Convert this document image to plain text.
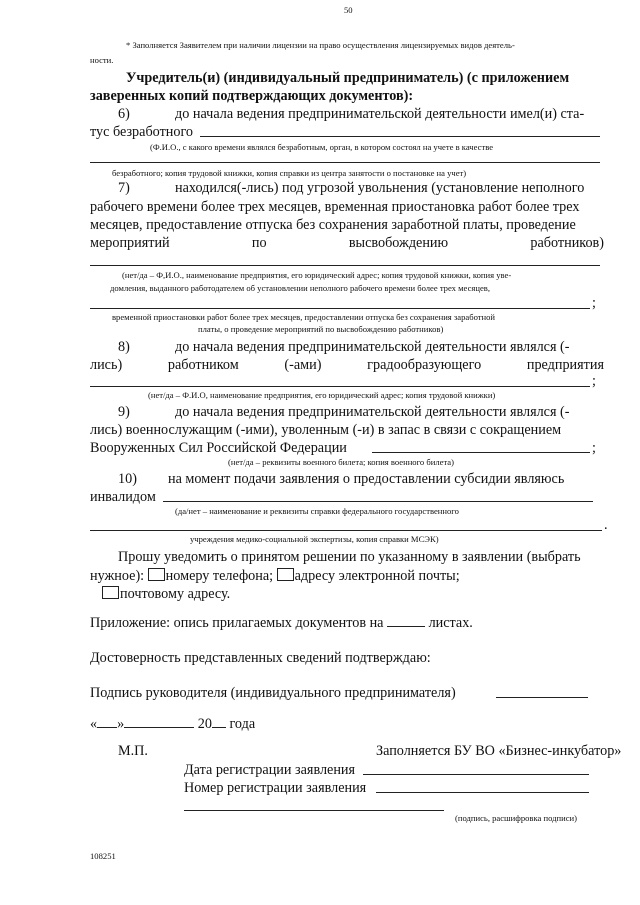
50
* Заполняется Заявителем при наличии лицензии на право осуществления лицензируемых видов деятель-
ности.
Учредитель(и) (индивидуальный предприниматель) (с приложением
заверенных копий подтверждающих документов):
6)	до начала ведения предпринимательской деятельности имел(и) ста-
тус безработного
(Ф.И.О., с какого времени являлся безработным, орган, в котором состоял на учете в качестве
безработного; копия трудовой книжки, копия справки из центра занятости о постановке на учет)
7)	находился(-лись) под угрозой увольнения (установление неполного
рабочего времени более трех месяцев, временная приостановка работ более трех
месяцев, предоставление отпуска без сохранения заработной платы, проведение
мероприятий	по	высвобождению	работников)
(нет/да – Ф,И.О., наименование предприятия, его юридический адрес; копия трудовой книжки, копия уве-
домления, выданного работодателем об установлении неполного рабочего времени более трех месяцев,
;
временной приостановки работ более трех месяцев, предоставлении отпуска без сохранения заработной
платы, о проведение мероприятий по высвобождению работников)
8)	до начала ведения предпринимательской деятельности являлся (-
лись)	работником	(-ами)	градообразующего	предприятия
;
(нет/да – Ф.И.О, наименование предприятия, его юридический адрес; копия трудовой книжки)
9)	до начала ведения предпринимательской деятельности являлся (-
лись) военнослужащим (-ими), уволенным (-и) в запас в связи с сокращением
Вооруженных Сил Российской Федерации	;
(нет/да – реквизиты военного билета; копия военного билета)
10) на момент подачи заявления о предоставлении субсидии являюсь
инвалидом
(да/нет – наименование и реквизиты справки федерального государственного
.
учреждения медико-социальной экспертизы, копия справки МСЭК)
Прошу уведомить о принятом решении по указанному в заявлении (выбрать
нужное): номеру телефона; адресу электронной почты;
почтовому адресу.
Приложение: опись прилагаемых документов на	листах.
Достоверность представленных сведений подтверждаю:
Подпись руководителя (индивидуального предпринимателя)
« »	20 года
М.П.	Заполняется БУ ВО «Бизнес-инкубатор»
Дата регистрации заявления
Номер регистрации заявления
(подпись, расшифровка подписи)
108251
